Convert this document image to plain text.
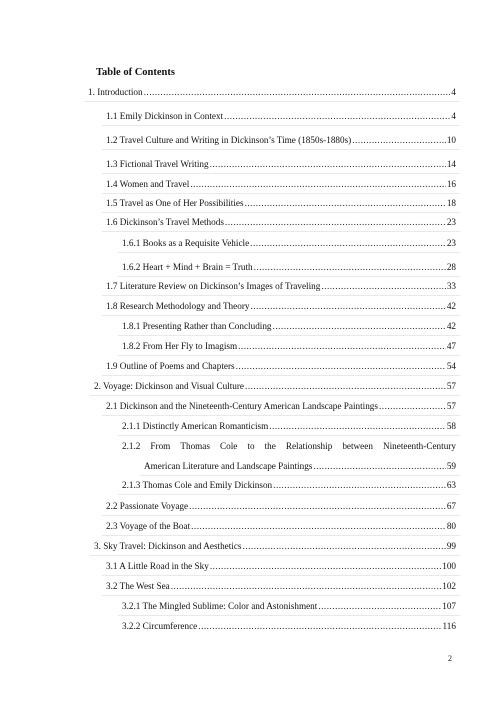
Table of Contents
1. Introduction .....	4
1.1 Emily Dickinson in Context .....	4
1.2 Travel Culture and Writing in Dickinson’s Time (1850s-1880s) .....	10
1.3 Fictional Travel Writing .....	14
1.4 Women and Travel .....	16
1.5 Travel as One of Her Possibilities .....	18
1.6 Dickinson’s Travel Methods .....	23
1.6.1 Books as a Requisite Vehicle .....	23
1.6.2 Heart + Mind + Brain = Truth .....	28
1.7 Literature Review on Dickinson’s Images of Traveling .....	33
1.8 Research Methodology and Theory .....	42
1.8.1 Presenting Rather than Concluding .....	42
1.8.2 From Her Fly to Imagism .....	47
1.9 Outline of Poems and Chapters .....	54
2. Voyage: Dickinson and Visual Culture .....	57
2.1 Dickinson and the Nineteenth-Century American Landscape Paintings .....	57
2.1.1 Distinctly American Romanticism .....	58
2.1.2 From Thomas Cole to the Relationship between Nineteenth-Century
American Literature and Landscape Paintings .....	59
2.1.3 Thomas Cole and Emily Dickinson .....	63
2.2 Passionate Voyage .....	67
2.3 Voyage of the Boat .....	80
3. Sky Travel: Dickinson and Aesthetics .....	99
3.1 A Little Road in the Sky .....	100
3.2 The West Sea .....	102
3.2.1 The Mingled Sublime: Color and Astonishment .....	107
3.2.2 Circumference .....	116
2
